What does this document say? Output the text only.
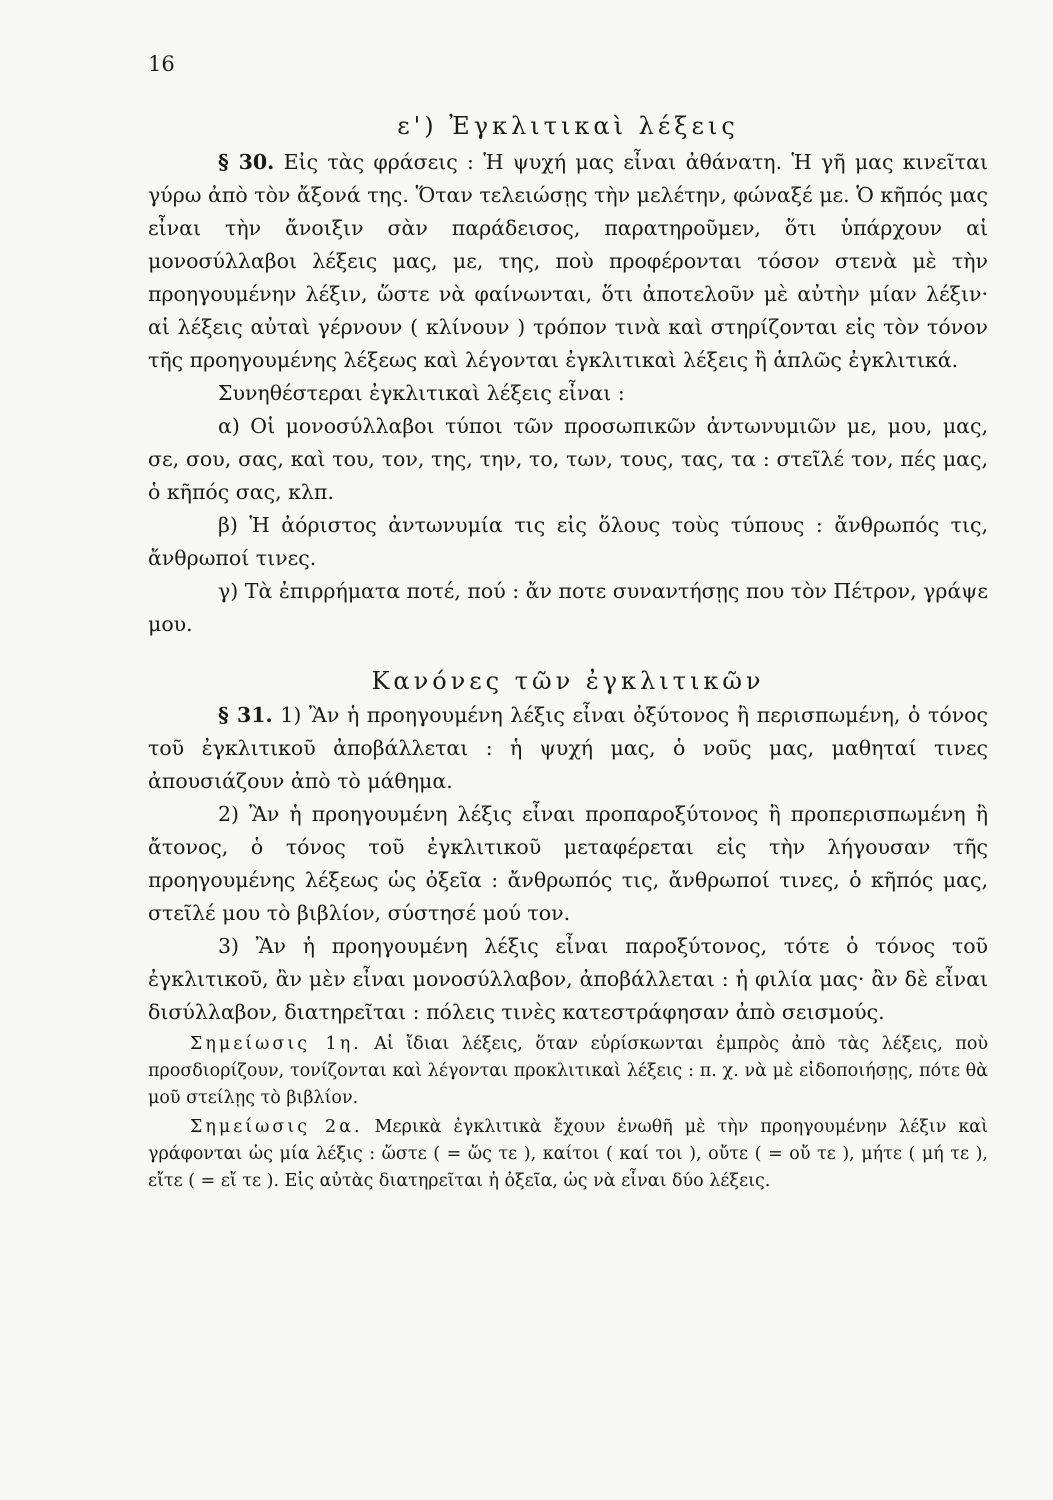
16
ε') Ἐγκλιτικαὶ λέξεις

§ 30. Εἰς τὰς φράσεις : Ἡ ψυχή μας εἶναι ἀθάνατη. Ἡ γῆ μας κινεῖται γύρω ἀπὸ τὸν ἄξονά της. Ὅταν τελειώσῃς τὴν μελέτην, φώναξέ με. Ὁ κῆπός μας εἶναι τὴν ἄνοιξιν σὰν παράδεισος, παρατηροῦμεν, ὅτι ὑπάρχουν αἱ μονοσύλλαβοι λέξεις μας, με, της, ποὺ προφέρονται τόσον στενὰ μὲ τὴν προηγουμένην λέξιν, ὥστε νὰ φαίνωνται, ὅτι ἀποτελοῦν μὲ αὐτὴν μίαν λέξιν· αἱ λέξεις αὐταὶ γέρνουν ( κλίνουν ) τρόπον τινὰ καὶ στηρίζονται εἰς τὸν τόνον τῆς προηγουμένης λέξεως καὶ λέγονται ἐγκλιτικαὶ λέξεις ἢ ἁπλῶς ἐγκλιτικά.

Συνηθέστεραι ἐγκλιτικαὶ λέξεις εἶναι :

α) Οἱ μονοσύλλαβοι τύποι τῶν προσωπικῶν ἀντωνυμιῶν με, μου, μας, σε, σου, σας, καὶ του, τον, της, την, το, των, τους, τας, τα : στεῖλέ τον, πές μας, ὁ κῆπός σας, κλπ.

β) Ἡ ἀόριστος ἀντωνυμία τις εἰς ὅλους τοὺς τύπους : ἄνθρωπός τις, ἄνθρωποί τινες.

γ) Τὰ ἐπιρρήματα ποτέ, πού : ἄν ποτε συναντήσῃς που τὸν Πέτρον, γράψε μου.

Κανόνες τῶν ἐγκλιτικῶν

§ 31. 1) Ἂν ἡ προηγουμένη λέξις εἶναι ὀξύτονος ἢ περισπωμένη, ὁ τόνος τοῦ ἐγκλιτικοῦ ἀποβάλλεται : ἡ ψυχή μας, ὁ νοῦς μας, μαθηταί τινες ἀπουσιάζουν ἀπὸ τὸ μάθημα.

2) Ἂν ἡ προηγουμένη λέξις εἶναι προπαροξύτονος ἢ προπερισπωμένη ἢ ἄτονος, ὁ τόνος τοῦ ἐγκλιτικοῦ μεταφέρεται εἰς τὴν λήγουσαν τῆς προηγουμένης λέξεως ὡς ὀξεῖα : ἄνθρωπός τις, ἄνθρωποί τινες, ὁ κῆπός μας, στεῖλέ μου τὸ βιβλίον, σύστησέ μού τον.

3) Ἂν ἡ προηγουμένη λέξις εἶναι παροξύτονος, τότε ὁ τόνος τοῦ ἐγκλιτικοῦ, ἂν μὲν εἶναι μονοσύλλαβον, ἀποβάλλεται : ἡ φιλία μας· ἂν δὲ εἶναι δισύλλαβον, διατηρεῖται : πόλεις τινὲς κατεστράφησαν ἀπὸ σεισμούς.

Σημείωσις 1η. Αἱ ἴδιαι λέξεις, ὅταν εὑρίσκωνται ἐμπρὸς ἀπὸ τὰς λέξεις, ποὺ προσδιορίζουν, τονίζονται καὶ λέγονται προκλιτικαὶ λέξεις : π. χ. νὰ μὲ εἰδοποιήσῃς, πότε θὰ μοῦ στείλῃς τὸ βιβλίον.

Σημείωσις 2α. Μερικὰ ἐγκλιτικὰ ἔχουν ἑνωθῆ μὲ τὴν προηγουμένην λέξιν καὶ γράφονται ὡς μία λέξις : ὥστε ( = ὥς τε ), καίτοι ( καί τοι ), οὔτε ( = οὔ τε ), μήτε ( μή τε ), εἴτε ( = εἴ τε ). Εἰς αὐτὰς διατηρεῖται ἡ ὀξεῖα, ὡς νὰ εἶναι δύο λέξεις.
